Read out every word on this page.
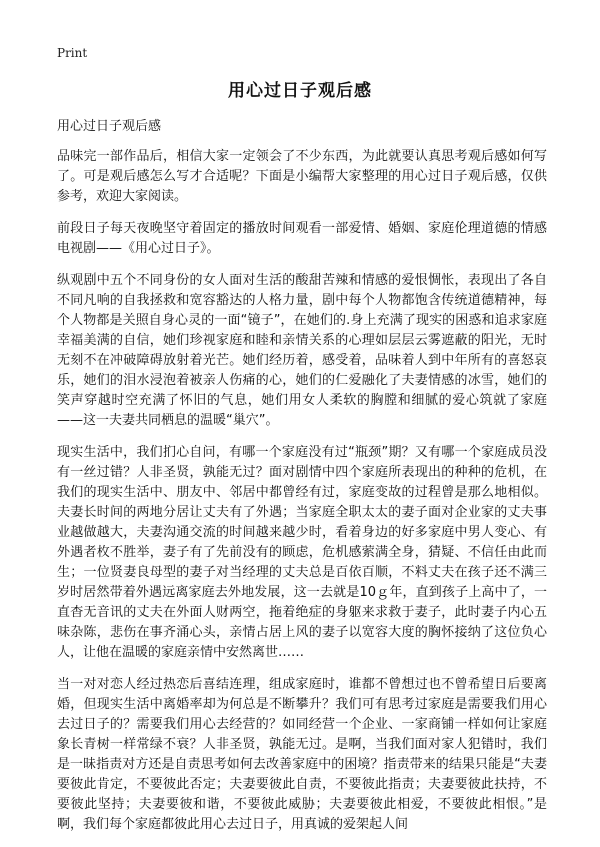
Print
用心过日子观后感

用心过日子观后感

品味完一部作品后，相信大家一定领会了不少东西，为此就要认真思考观后感如何写了。可是观后感怎么写才合适呢？下面是小编帮大家整理的用心过日子观后感，仅供参考，欢迎大家阅读。

前段日子每天夜晚坚守着固定的播放时间观看一部爱情、婚姻、家庭伦理道德的情感电视剧——《用心过日子》。

纵观剧中五个不同身份的女人面对生活的酸甜苦辣和情感的爱恨惆怅，表现出了各自不同凡响的自我拯救和宽容豁达的人格力量，剧中每个人物都饱含传统道德精神，每个人物都是关照自身心灵的一面“镜子”，在她们的.身上充满了现实的困惑和追求家庭幸福美满的自信，她们珍视家庭和睦和亲情关系的心理如层层云雾遮蔽的阳光，无时无刻不在冲破障碍放射着光芒。她们经历着，感受着，品味着人到中年所有的喜怒哀乐，她们的泪水浸泡着被亲人伤痛的心，她们的仁爱融化了夫妻情感的冰雪，她们的笑声穿越时空充满了怀旧的气息，她们用女人柔软的胸膛和细腻的爱心筑就了家庭——这一夫妻共同栖息的温暖“巢穴”。

现实生活中，我们扪心自问，有哪一个家庭没有过“瓶颈”期？又有哪一个家庭成员没有一丝过错？人非圣贤，孰能无过？面对剧情中四个家庭所表现出的种种的危机，在我们的现实生活中、朋友中、邻居中都曾经有过，家庭变故的过程曾是那么地相似。夫妻长时间的两地分居让丈夫有了外遇；当家庭全职太太的妻子面对企业家的丈夫事业越做越大，夫妻沟通交流的时间越来越少时，看着身边的好多家庭中男人变心、有外遇者枚不胜举，妻子有了先前没有的顾虑，危机感萦满全身，猜疑、不信任由此而生；一位贤妻良母型的妻子对当经理的丈夫总是百依百顺，不料丈夫在孩子还不满三岁时居然带着外遇远离家庭去外地发展，这一去就是10ｇ年，直到孩子上高中了，一直杳无音讯的丈夫在外面人财两空，拖着绝症的身躯来求救于妻子，此时妻子内心五味杂陈，悲伤在事齐涌心头，亲情占居上风的妻子以宽容大度的胸怀接纳了这位负心人，让他在温暖的家庭亲情中安然离世……

当一对对恋人经过热恋后喜结连理，组成家庭时，谁都不曾想过也不曾希望日后要离婚，但现实生活中离婚率却为何总是不断攀升？我们可有思考过家庭是需要我们用心去过日子的？需要我们用心去经营的？如同经营一个企业、一家商铺一样如何让家庭象长青树一样常绿不衰？人非圣贤，孰能无过。是啊，当我们面对家人犯错时，我们是一昧指责对方还是自责思考如何去改善家庭中的困境？指责带来的结果只能是“夫妻要彼此肯定，不要彼此否定；夫妻要彼此自责，不要彼此指责；夫妻要彼此扶持，不要彼此坚持；夫妻要彼和谐，不要彼此威胁；夫妻要彼此相爱，不要彼此相恨。”是啊，我们每个家庭都彼此用心去过日子，用真诚的爱架起人间
